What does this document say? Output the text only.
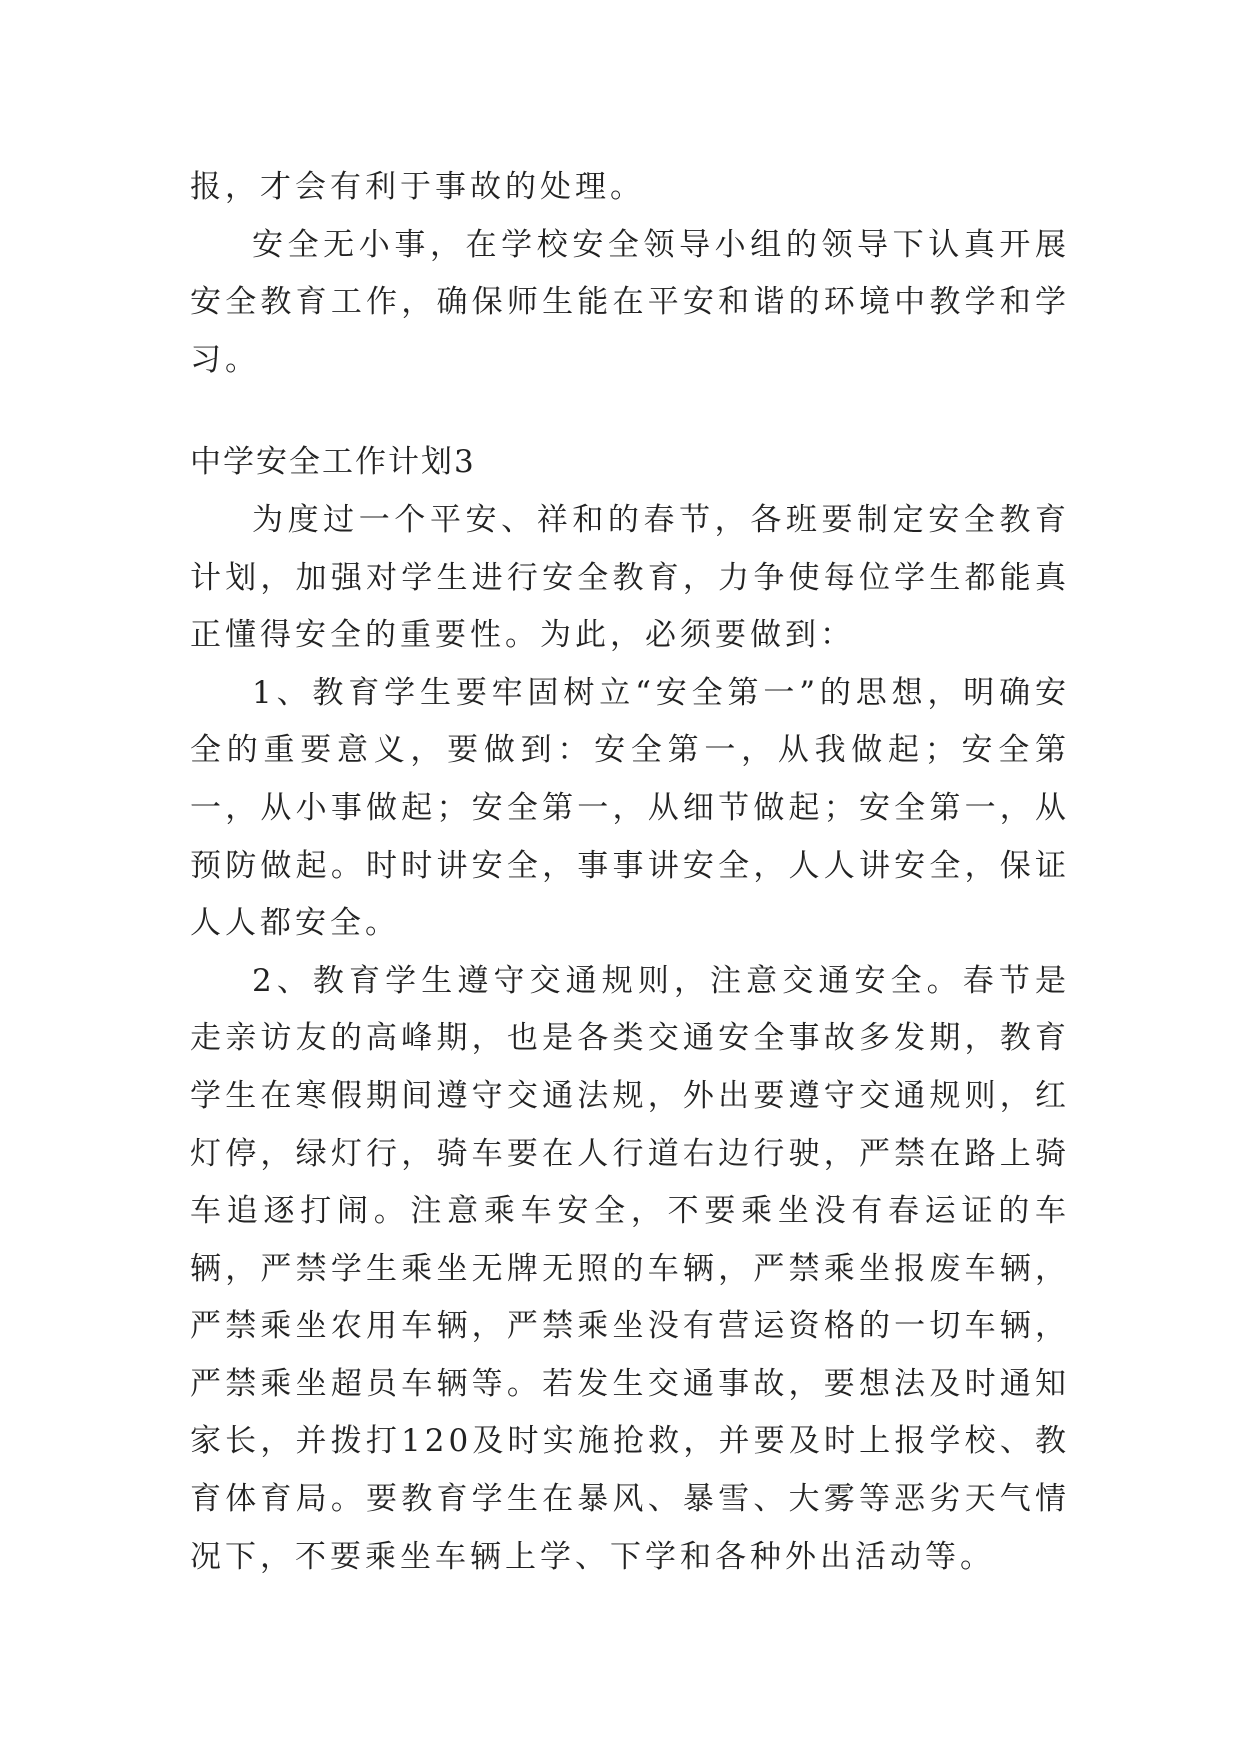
报，才会有利于事故的处理。

安全无小事，在学校安全领导小组的领导下认真开展安全教育工作，确保师生能在平安和谐的环境中教学和学习。

中学安全工作计划3

为度过一个平安、祥和的春节，各班要制定安全教育计划，加强对学生进行安全教育，力争使每位学生都能真正懂得安全的重要性。为此，必须要做到：

1、教育学生要牢固树立“安全第一”的思想，明确安全的重要意义，要做到：安全第一，从我做起；安全第一，从小事做起；安全第一，从细节做起；安全第一，从预防做起。时时讲安全，事事讲安全，人人讲安全，保证人人都安全。

2、教育学生遵守交通规则，注意交通安全。春节是走亲访友的高峰期，也是各类交通安全事故多发期，教育学生在寒假期间遵守交通法规，外出要遵守交通规则，红灯停，绿灯行，骑车要在人行道右边行驶，严禁在路上骑车追逐打闹。注意乘车安全，不要乘坐没有春运证的车辆，严禁学生乘坐无牌无照的车辆，严禁乘坐报废车辆，严禁乘坐农用车辆，严禁乘坐没有营运资格的一切车辆，严禁乘坐超员车辆等。若发生交通事故，要想法及时通知家长，并拨打120及时实施抢救，并要及时上报学校、教育体育局。要教育学生在暴风、暴雪、大雾等恶劣天气情况下，不要乘坐车辆上学、下学和各种外出活动等。
